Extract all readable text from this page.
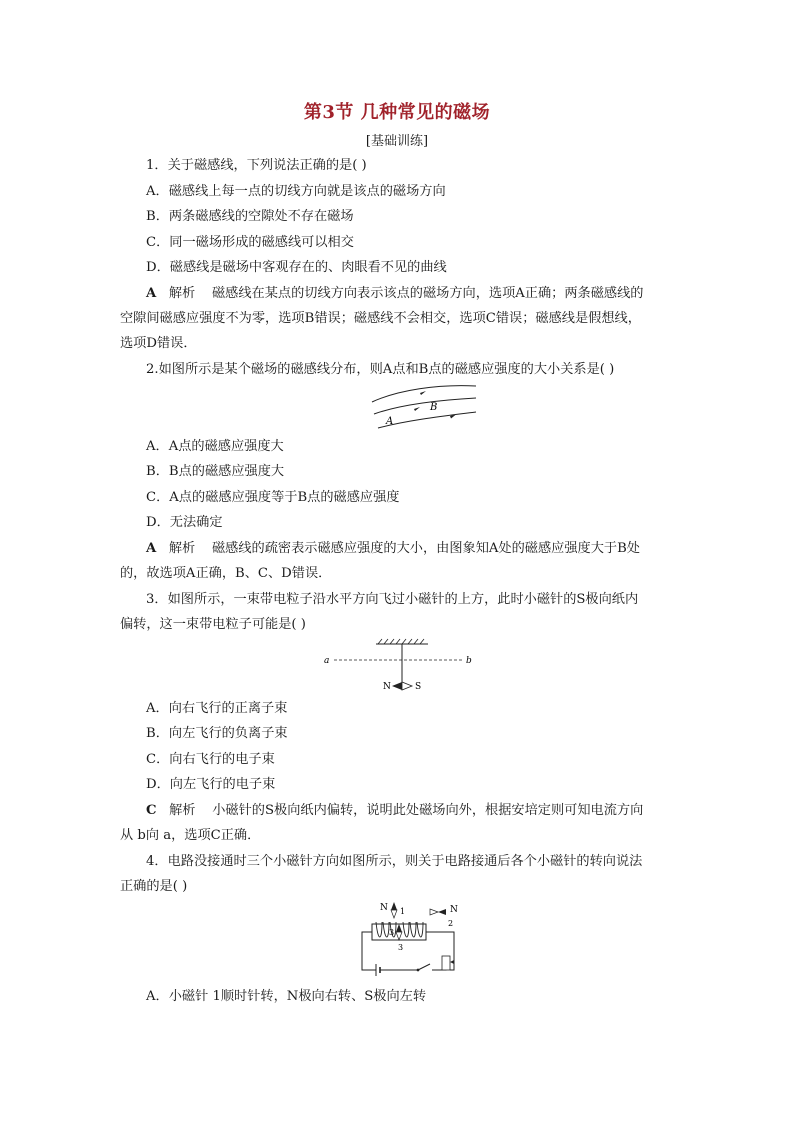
第3节 几种常见的磁场
[基础训练]
1．关于磁感线，下列说法正确的是( )
A．磁感线上每一点的切线方向就是该点的磁场方向
B．两条磁感线的空隙处不存在磁场
C．同一磁场形成的磁感线可以相交
D．磁感线是磁场中客观存在的、肉眼看不见的曲线
A 解析 磁感线在某点的切线方向表示该点的磁场方向，选项A正确；两条磁感线的
空隙间磁感应强度不为零，选项B错误；磁感线不会相交，选项C错误；磁感线是假想线，
选项D错误．
2.如图所示是某个磁场的磁感线分布，则A点和B点的磁感应强度的大小关系是( )
A
B
A．A点的磁感应强度大
B．B点的磁感应强度大
C．A点的磁感应强度等于B点的磁感应强度
D．无法确定
A 解析 磁感线的疏密表示磁感应强度的大小，由图象知A处的磁感应强度大于B处
的，故选项A正确，B、C、D错误．
3．如图所示，一束带电粒子沿水平方向飞过小磁针的上方，此时小磁针的S极向纸内
偏转，这一束带电粒子可能是( )
a	b
N	S
A．向右飞行的正离子束
B．向左飞行的负离子束
C．向右飞行的电子束
D．向左飞行的电子束
C 解析 小磁针的S极向纸内偏转，说明此处磁场向外，根据安培定则可知电流方向
从 b向 a，选项C正确．
4．电路没接通时三个小磁针方向如图所示，则关于电路接通后各个小磁针的转向说法
正确的是( )
N 1	N
2
3
3
A．小磁针 1顺时针转，N极向右转、S极向左转
